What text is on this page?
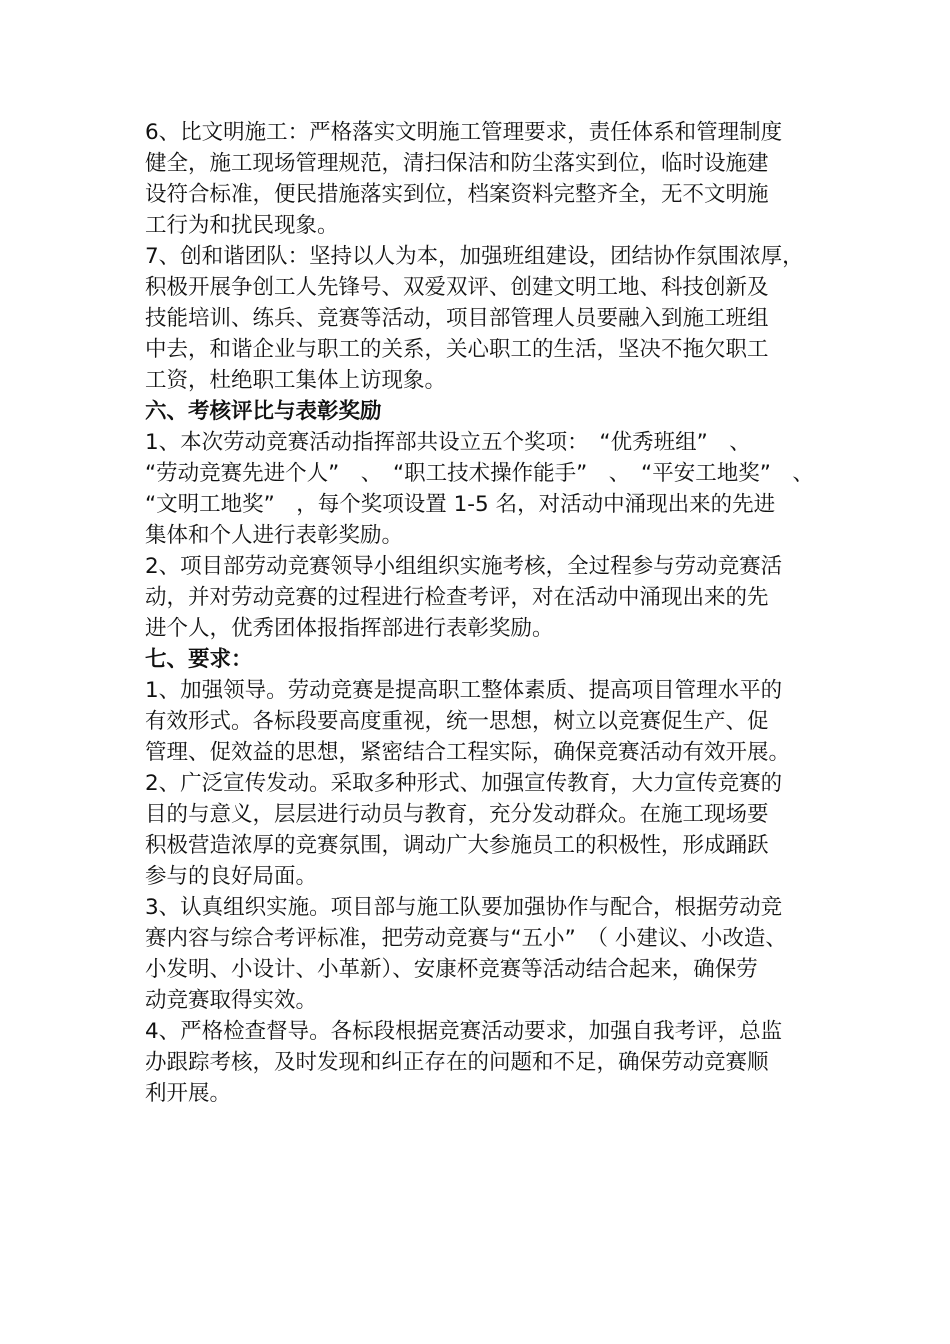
6、比文明施工：严格落实文明施工管理要求，责任体系和管理制度
健全，施工现场管理规范，清扫保洁和防尘落实到位，临时设施建
设符合标准，便民措施落实到位，档案资料完整齐全，无不文明施
工行为和扰民现象。
7、创和谐团队：坚持以人为本，加强班组建设，团结协作氛围浓厚，
积极开展争创工人先锋号、双爱双评、创建文明工地、科技创新及
技能培训、练兵、竞赛等活动，项目部管理人员要融入到施工班组
中去，和谐企业与职工的关系，关心职工的生活，坚决不拖欠职工
工资，杜绝职工集体上访现象。
六、考核评比与表彰奖励
1、本次劳动竞赛活动指挥部共设立五个奖项：　“优秀班组”　、
“劳动竞赛先进个人”　、　“职工技术操作能手”　、　“平安工地奖”　、
“文明工地奖”　，每个奖项设置 1-5 名，对活动中涌现出来的先进
集体和个人进行表彰奖励。
2、项目部劳动竞赛领导小组组织实施考核，全过程参与劳动竞赛活
动，并对劳动竞赛的过程进行检查考评，对在活动中涌现出来的先
进个人，优秀团体报指挥部进行表彰奖励。
七、要求：
1、加强领导。劳动竞赛是提高职工整体素质、提高项目管理水平的
有效形式。各标段要高度重视，统一思想，树立以竞赛促生产、促
管理、促效益的思想，紧密结合工程实际，确保竞赛活动有效开展。
2、广泛宣传发动。采取多种形式、加强宣传教育，大力宣传竞赛的
目的与意义，层层进行动员与教育，充分发动群众。在施工现场要
积极营造浓厚的竞赛氛围，调动广大参施员工的积极性，形成踊跃
参与的良好局面。
3、认真组织实施。项目部与施工队要加强协作与配合，根据劳动竞
赛内容与综合考评标准，把劳动竞赛与“五小”　（ 小建议、小改造、
小发明、小设计、小革新）、安康杯竞赛等活动结合起来，确保劳
动竞赛取得实效。
4、严格检查督导。各标段根据竞赛活动要求，加强自我考评，总监
办跟踪考核，及时发现和纠正存在的问题和不足，确保劳动竞赛顺
利开展。
